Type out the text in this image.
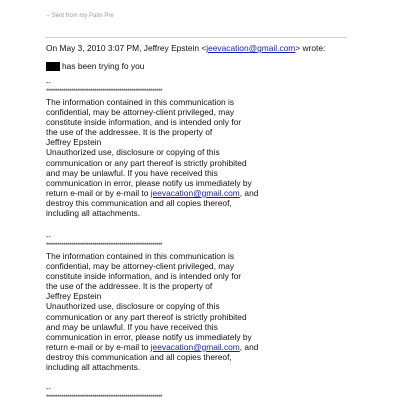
-- Sent from my Palm Pre
On May 3, 2010 3:07 PM, Jeffrey Epstein <jeevacation@gmail.com> wrote:
has been trying fo you
--
************************************************************
The information contained in this communication is
confidential, may be attorney-client privileged, may
constitute inside information, and is intended only for
the use of the addressee. It is the property of
Jeffrey Epstein
Unauthorized use, disclosure or copying of this
communication or any part thereof is strictly prohibited
and may be unlawful. If you have received this
communication in error, please notify us immediately by
return e-mail or by e-mail to jeevacation@gmail.com, and
destroy this communication and all copies thereof,
including all attachments.
--
************************************************************
The information contained in this communication is
confidential, may be attorney-client privileged, may
constitute inside information, and is intended only for
the use of the addressee. It is the property of
Jeffrey Epstein
Unauthorized use, disclosure or copying of this
communication or any part thereof is strictly prohibited
and may be unlawful. If you have received this
communication in error, please notify us immediately by
return e-mail or by e-mail to jeevacation@gmail.com, and
destroy this communication and all copies thereof,
including all attachments.
--
************************************************************
